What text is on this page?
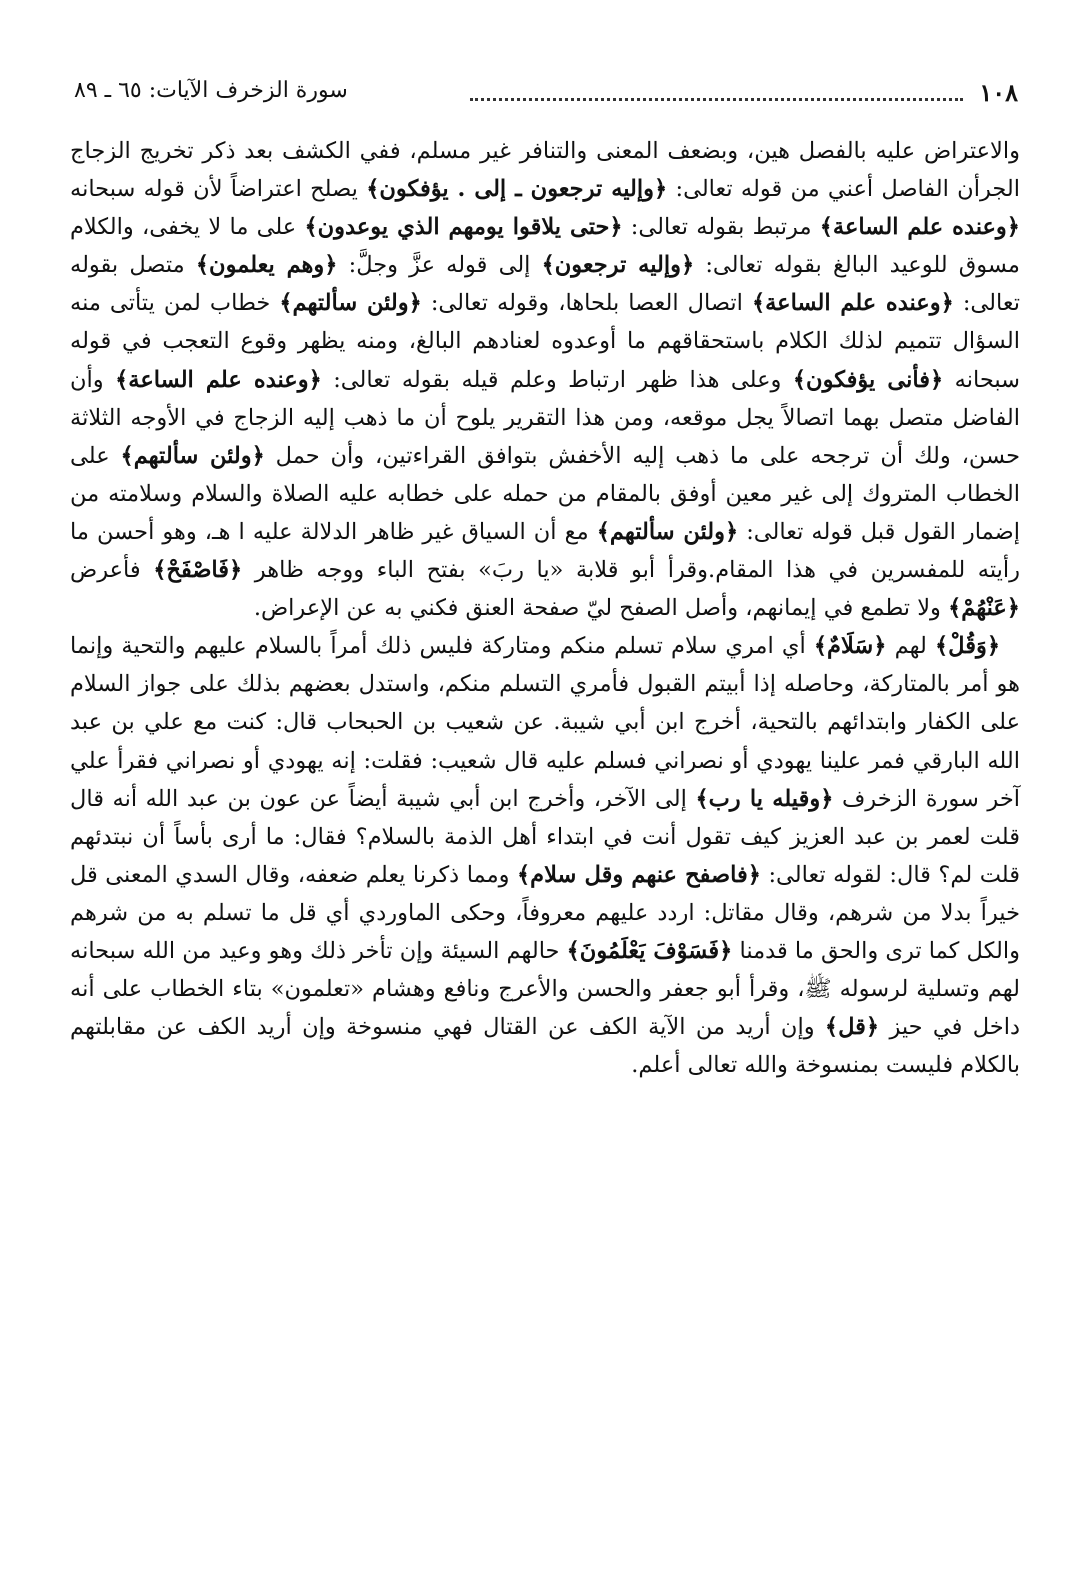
١٠٨
سورة الزخرف الآيات: ٦٥ ـ ٨٩

والاعتراض عليه بالفصل هين، وبضعف المعنى والتنافر غير مسلم، ففي الكشف بعد ذكر تخريج الزجاج الجرأن الفاصل أعني من قوله تعالى: ﴿وإليه ترجعون ـ إلى . يؤفكون﴾ يصلح اعتراضاً لأن قوله سبحانه ﴿وعنده علم الساعة﴾ مرتبط بقوله تعالى: ﴿حتى يلاقوا يومهم الذي يوعدون﴾ على ما لا يخفى، والكلام مسوق للوعيد البالغ بقوله تعالى: ﴿وإليه ترجعون﴾ إلى قوله عزَّ وجلَّ: ﴿وهم يعلمون﴾ متصل بقوله تعالى: ﴿وعنده علم الساعة﴾ اتصال العصا بلحاها، وقوله تعالى: ﴿ولئن سألتهم﴾ خطاب لمن يتأتى منه السؤال تتميم لذلك الكلام باستحقاقهم ما أوعدوه لعنادهم البالغ، ومنه يظهر وقوع التعجب في قوله سبحانه ﴿فأنى يؤفكون﴾ وعلى هذا ظهر ارتباط وعلم قيله بقوله تعالى: ﴿وعنده علم الساعة﴾ وأن الفاضل متصل بهما اتصالاً يجل موقعه، ومن هذا التقرير يلوح أن ما ذهب إليه الزجاج في الأوجه الثلاثة حسن، ولك أن ترجحه على ما ذهب إليه الأخفش بتوافق القراءتين، وأن حمل ﴿ولئن سألتهم﴾ على الخطاب المتروك إلى غير معين أوفق بالمقام من حمله على خطابه عليه الصلاة والسلام وسلامته من إضمار القول قبل قوله تعالى: ﴿ولئن سألتهم﴾ مع أن السياق غير ظاهر الدلالة عليه ا هـ، وهو أحسن ما رأيته للمفسرين في هذا المقام.وقرأ أبو قلابة «يا ربَ» بفتح الباء ووجه ظاهر ﴿فَاصْفَحْ﴾ فأعرض ﴿عَنْهُمْ﴾ ولا تطمع في إيمانهم، وأصل الصفح ليّ صفحة العنق فكني به عن الإعراض.

﴿وَقُلْ﴾ لهم ﴿سَلَامٌ﴾ أي امري سلام تسلم منكم ومتاركة فليس ذلك أمراً بالسلام عليهم والتحية وإنما هو أمر بالمتاركة، وحاصله إذا أبيتم القبول فأمري التسلم منكم، واستدل بعضهم بذلك على جواز السلام على الكفار وابتدائهم بالتحية، أخرج ابن أبي شيبة. عن شعيب بن الحبحاب قال: كنت مع علي بن عبد الله البارقي فمر علينا يهودي أو نصراني فسلم عليه قال شعيب: فقلت: إنه يهودي أو نصراني فقرأ علي آخر سورة الزخرف ﴿وقيله يا رب﴾ إلى الآخر، وأخرج ابن أبي شيبة أيضاً عن عون بن عبد الله أنه قال قلت لعمر بن عبد العزيز كيف تقول أنت في ابتداء أهل الذمة بالسلام؟ فقال: ما أرى بأساً أن نبتدئهم قلت لم؟ قال: لقوله تعالى: ﴿فاصفح عنهم وقل سلام﴾ ومما ذكرنا يعلم ضعفه، وقال السدي المعنى قل خيراً بدلا من شرهم، وقال مقاتل: اردد عليهم معروفاً، وحكى الماوردي أي قل ما تسلم به من شرهم والكل كما ترى والحق ما قدمنا ﴿فَسَوْفَ يَعْلَمُونَ﴾ حالهم السيئة وإن تأخر ذلك وهو وعيد من الله سبحانه لهم وتسلية لرسوله ﷺ، وقرأ أبو جعفر والحسن والأعرج ونافع وهشام «تعلمون» بتاء الخطاب على أنه داخل في حيز ﴿قل﴾ وإن أريد من الآية الكف عن القتال فهي منسوخة وإن أريد الكف عن مقابلتهم بالكلام فليست بمنسوخة والله تعالى أعلم.
